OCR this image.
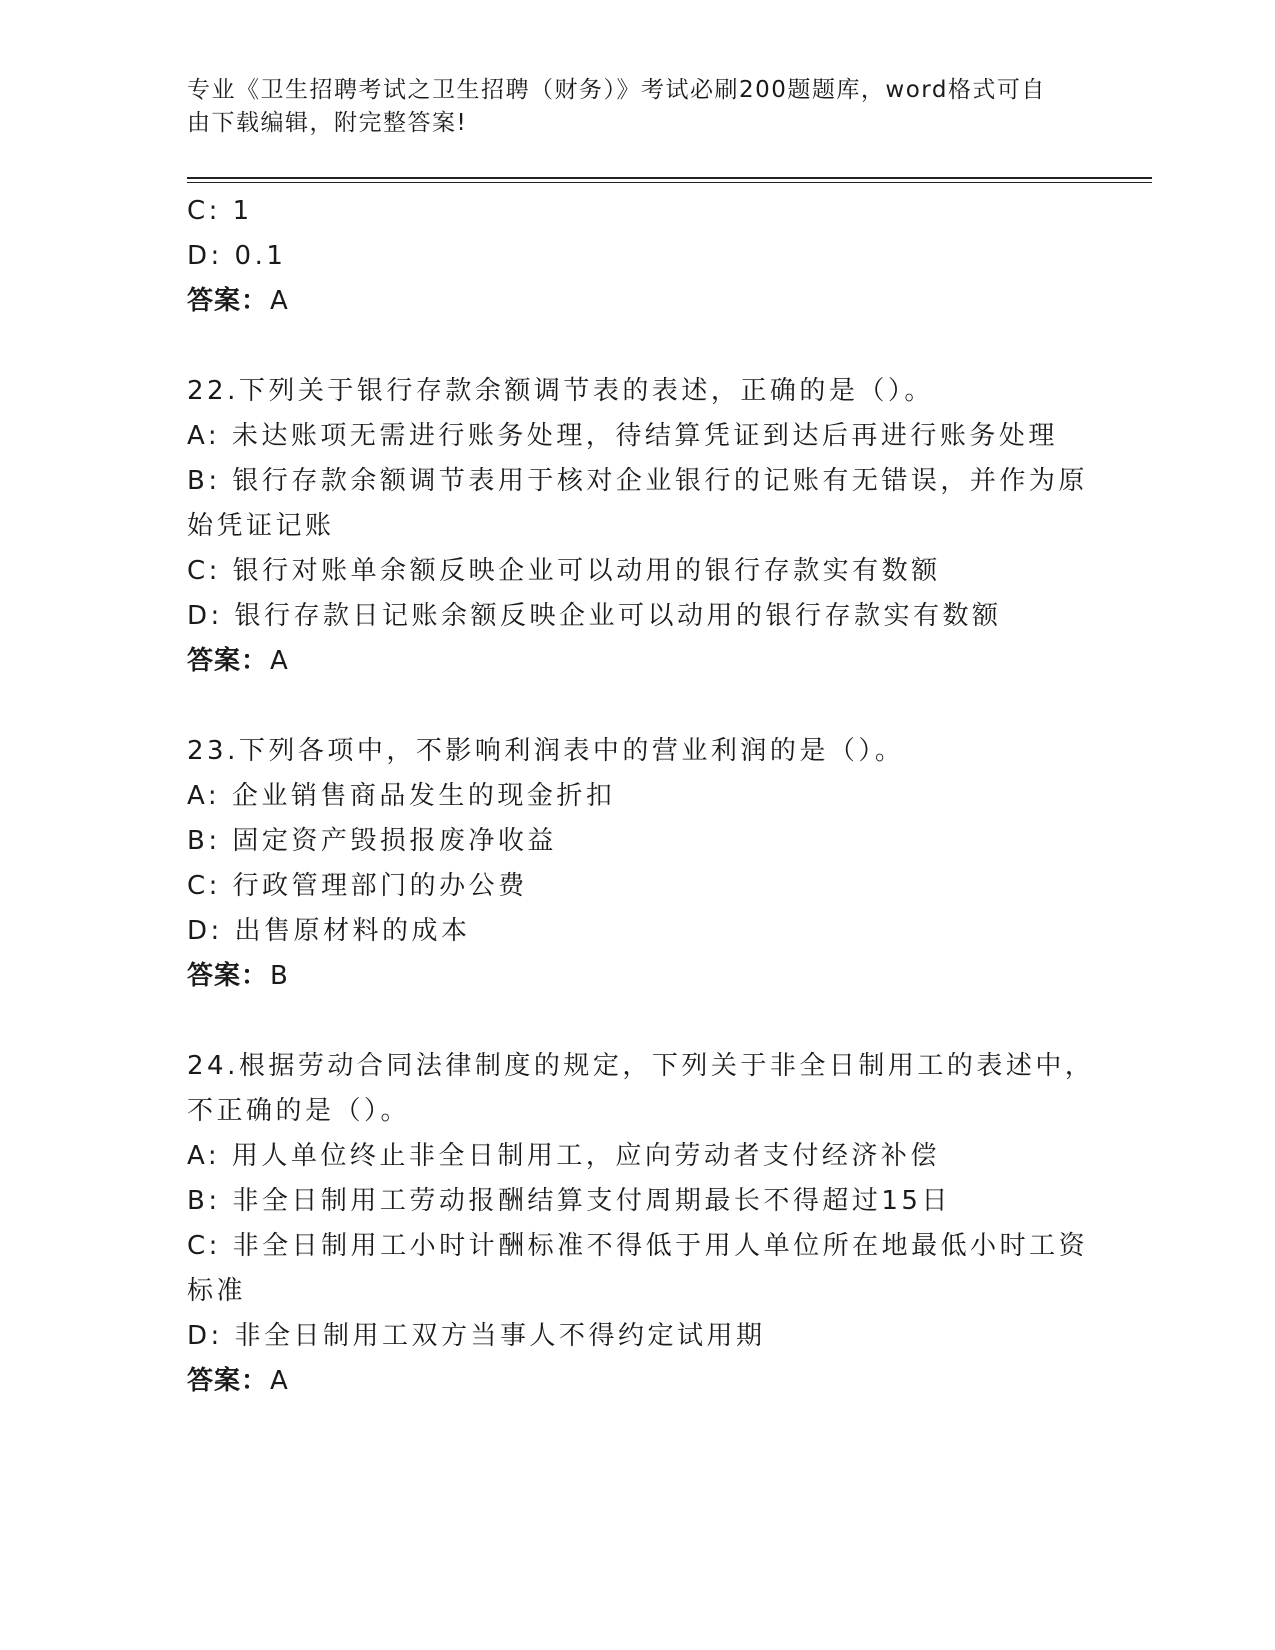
专业《卫生招聘考试之卫生招聘（财务）》考试必刷200题题库，word格式可自
由下载编辑，附完整答案!

C: 1

D: 0.1

答案：A

22.下列关于银行存款余额调节表的表述，正确的是（）。

A: 未达账项无需进行账务处理，待结算凭证到达后再进行账务处理

B: 银行存款余额调节表用于核对企业银行的记账有无错误，并作为原

始凭证记账

C: 银行对账单余额反映企业可以动用的银行存款实有数额

D: 银行存款日记账余额反映企业可以动用的银行存款实有数额

答案：A

23.下列各项中，不影响利润表中的营业利润的是（）。

A: 企业销售商品发生的现金折扣

B: 固定资产毁损报废净收益

C: 行政管理部门的办公费

D: 出售原材料的成本

答案：B

24.根据劳动合同法律制度的规定，下列关于非全日制用工的表述中，

不正确的是（）。

A: 用人单位终止非全日制用工，应向劳动者支付经济补偿

B: 非全日制用工劳动报酬结算支付周期最长不得超过15日

C: 非全日制用工小时计酬标准不得低于用人单位所在地最低小时工资

标准

D: 非全日制用工双方当事人不得约定试用期

答案：A
